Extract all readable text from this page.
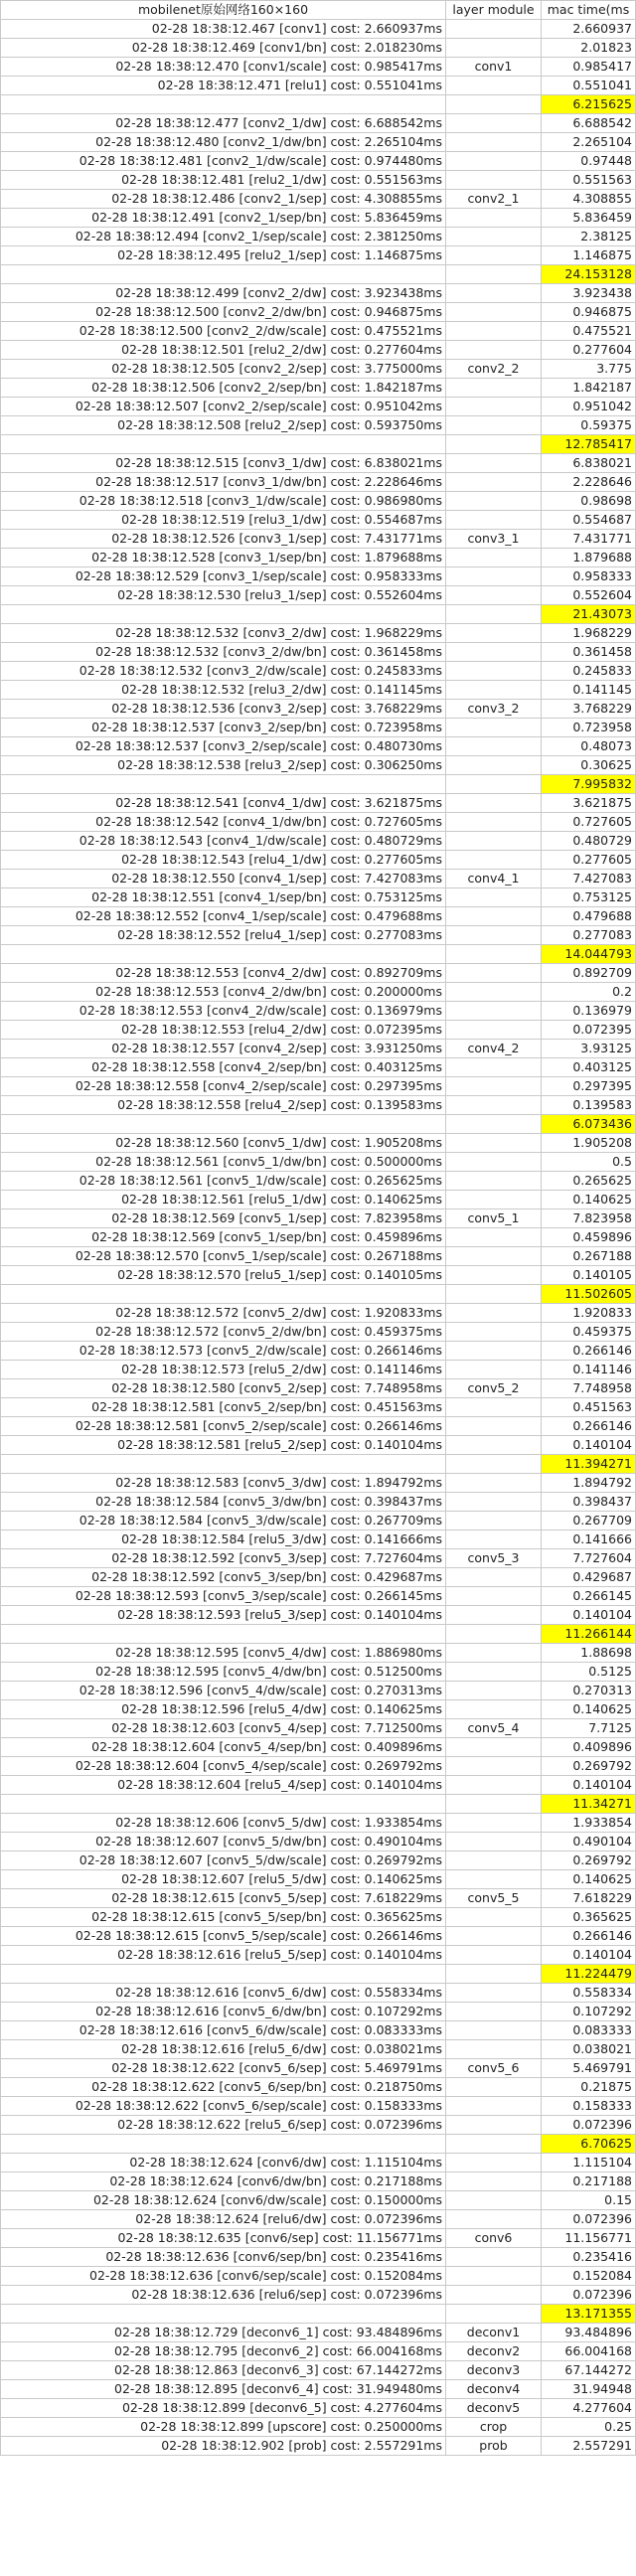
mobilenet原始网络160×160	layer module	mac time(ms
02-28 18:38:12.467 [conv1] cost: 2.660937ms		2.660937
02-28 18:38:12.469 [conv1/bn] cost: 2.018230ms		2.01823
02-28 18:38:12.470 [conv1/scale] cost: 0.985417ms	conv1	0.985417
02-28 18:38:12.471 [relu1] cost: 0.551041ms		0.551041
		6.215625
02-28 18:38:12.477 [conv2_1/dw] cost: 6.688542ms		6.688542
02-28 18:38:12.480 [conv2_1/dw/bn] cost: 2.265104ms		2.265104
02-28 18:38:12.481 [conv2_1/dw/scale] cost: 0.974480ms		0.97448
02-28 18:38:12.481 [relu2_1/dw] cost: 0.551563ms		0.551563
02-28 18:38:12.486 [conv2_1/sep] cost: 4.308855ms	conv2_1	4.308855
02-28 18:38:12.491 [conv2_1/sep/bn] cost: 5.836459ms		5.836459
02-28 18:38:12.494 [conv2_1/sep/scale] cost: 2.381250ms		2.38125
02-28 18:38:12.495 [relu2_1/sep] cost: 1.146875ms		1.146875
		24.153128
02-28 18:38:12.499 [conv2_2/dw] cost: 3.923438ms		3.923438
02-28 18:38:12.500 [conv2_2/dw/bn] cost: 0.946875ms		0.946875
02-28 18:38:12.500 [conv2_2/dw/scale] cost: 0.475521ms		0.475521
02-28 18:38:12.501 [relu2_2/dw] cost: 0.277604ms		0.277604
02-28 18:38:12.505 [conv2_2/sep] cost: 3.775000ms	conv2_2	3.775
02-28 18:38:12.506 [conv2_2/sep/bn] cost: 1.842187ms		1.842187
02-28 18:38:12.507 [conv2_2/sep/scale] cost: 0.951042ms		0.951042
02-28 18:38:12.508 [relu2_2/sep] cost: 0.593750ms		0.59375
		12.785417
02-28 18:38:12.515 [conv3_1/dw] cost: 6.838021ms		6.838021
02-28 18:38:12.517 [conv3_1/dw/bn] cost: 2.228646ms		2.228646
02-28 18:38:12.518 [conv3_1/dw/scale] cost: 0.986980ms		0.98698
02-28 18:38:12.519 [relu3_1/dw] cost: 0.554687ms		0.554687
02-28 18:38:12.526 [conv3_1/sep] cost: 7.431771ms	conv3_1	7.431771
02-28 18:38:12.528 [conv3_1/sep/bn] cost: 1.879688ms		1.879688
02-28 18:38:12.529 [conv3_1/sep/scale] cost: 0.958333ms		0.958333
02-28 18:38:12.530 [relu3_1/sep] cost: 0.552604ms		0.552604
		21.43073
02-28 18:38:12.532 [conv3_2/dw] cost: 1.968229ms		1.968229
02-28 18:38:12.532 [conv3_2/dw/bn] cost: 0.361458ms		0.361458
02-28 18:38:12.532 [conv3_2/dw/scale] cost: 0.245833ms		0.245833
02-28 18:38:12.532 [relu3_2/dw] cost: 0.141145ms		0.141145
02-28 18:38:12.536 [conv3_2/sep] cost: 3.768229ms	conv3_2	3.768229
02-28 18:38:12.537 [conv3_2/sep/bn] cost: 0.723958ms		0.723958
02-28 18:38:12.537 [conv3_2/sep/scale] cost: 0.480730ms		0.48073
02-28 18:38:12.538 [relu3_2/sep] cost: 0.306250ms		0.30625
		7.995832
02-28 18:38:12.541 [conv4_1/dw] cost: 3.621875ms		3.621875
02-28 18:38:12.542 [conv4_1/dw/bn] cost: 0.727605ms		0.727605
02-28 18:38:12.543 [conv4_1/dw/scale] cost: 0.480729ms		0.480729
02-28 18:38:12.543 [relu4_1/dw] cost: 0.277605ms		0.277605
02-28 18:38:12.550 [conv4_1/sep] cost: 7.427083ms	conv4_1	7.427083
02-28 18:38:12.551 [conv4_1/sep/bn] cost: 0.753125ms		0.753125
02-28 18:38:12.552 [conv4_1/sep/scale] cost: 0.479688ms		0.479688
02-28 18:38:12.552 [relu4_1/sep] cost: 0.277083ms		0.277083
		14.044793
02-28 18:38:12.553 [conv4_2/dw] cost: 0.892709ms		0.892709
02-28 18:38:12.553 [conv4_2/dw/bn] cost: 0.200000ms		0.2
02-28 18:38:12.553 [conv4_2/dw/scale] cost: 0.136979ms		0.136979
02-28 18:38:12.553 [relu4_2/dw] cost: 0.072395ms		0.072395
02-28 18:38:12.557 [conv4_2/sep] cost: 3.931250ms	conv4_2	3.93125
02-28 18:38:12.558 [conv4_2/sep/bn] cost: 0.403125ms		0.403125
02-28 18:38:12.558 [conv4_2/sep/scale] cost: 0.297395ms		0.297395
02-28 18:38:12.558 [relu4_2/sep] cost: 0.139583ms		0.139583
		6.073436
02-28 18:38:12.560 [conv5_1/dw] cost: 1.905208ms		1.905208
02-28 18:38:12.561 [conv5_1/dw/bn] cost: 0.500000ms		0.5
02-28 18:38:12.561 [conv5_1/dw/scale] cost: 0.265625ms		0.265625
02-28 18:38:12.561 [relu5_1/dw] cost: 0.140625ms		0.140625
02-28 18:38:12.569 [conv5_1/sep] cost: 7.823958ms	conv5_1	7.823958
02-28 18:38:12.569 [conv5_1/sep/bn] cost: 0.459896ms		0.459896
02-28 18:38:12.570 [conv5_1/sep/scale] cost: 0.267188ms		0.267188
02-28 18:38:12.570 [relu5_1/sep] cost: 0.140105ms		0.140105
		11.502605
02-28 18:38:12.572 [conv5_2/dw] cost: 1.920833ms		1.920833
02-28 18:38:12.572 [conv5_2/dw/bn] cost: 0.459375ms		0.459375
02-28 18:38:12.573 [conv5_2/dw/scale] cost: 0.266146ms		0.266146
02-28 18:38:12.573 [relu5_2/dw] cost: 0.141146ms		0.141146
02-28 18:38:12.580 [conv5_2/sep] cost: 7.748958ms	conv5_2	7.748958
02-28 18:38:12.581 [conv5_2/sep/bn] cost: 0.451563ms		0.451563
02-28 18:38:12.581 [conv5_2/sep/scale] cost: 0.266146ms		0.266146
02-28 18:38:12.581 [relu5_2/sep] cost: 0.140104ms		0.140104
		11.394271
02-28 18:38:12.583 [conv5_3/dw] cost: 1.894792ms		1.894792
02-28 18:38:12.584 [conv5_3/dw/bn] cost: 0.398437ms		0.398437
02-28 18:38:12.584 [conv5_3/dw/scale] cost: 0.267709ms		0.267709
02-28 18:38:12.584 [relu5_3/dw] cost: 0.141666ms		0.141666
02-28 18:38:12.592 [conv5_3/sep] cost: 7.727604ms	conv5_3	7.727604
02-28 18:38:12.592 [conv5_3/sep/bn] cost: 0.429687ms		0.429687
02-28 18:38:12.593 [conv5_3/sep/scale] cost: 0.266145ms		0.266145
02-28 18:38:12.593 [relu5_3/sep] cost: 0.140104ms		0.140104
		11.266144
02-28 18:38:12.595 [conv5_4/dw] cost: 1.886980ms		1.88698
02-28 18:38:12.595 [conv5_4/dw/bn] cost: 0.512500ms		0.5125
02-28 18:38:12.596 [conv5_4/dw/scale] cost: 0.270313ms		0.270313
02-28 18:38:12.596 [relu5_4/dw] cost: 0.140625ms		0.140625
02-28 18:38:12.603 [conv5_4/sep] cost: 7.712500ms	conv5_4	7.7125
02-28 18:38:12.604 [conv5_4/sep/bn] cost: 0.409896ms		0.409896
02-28 18:38:12.604 [conv5_4/sep/scale] cost: 0.269792ms		0.269792
02-28 18:38:12.604 [relu5_4/sep] cost: 0.140104ms		0.140104
		11.34271
02-28 18:38:12.606 [conv5_5/dw] cost: 1.933854ms		1.933854
02-28 18:38:12.607 [conv5_5/dw/bn] cost: 0.490104ms		0.490104
02-28 18:38:12.607 [conv5_5/dw/scale] cost: 0.269792ms		0.269792
02-28 18:38:12.607 [relu5_5/dw] cost: 0.140625ms		0.140625
02-28 18:38:12.615 [conv5_5/sep] cost: 7.618229ms	conv5_5	7.618229
02-28 18:38:12.615 [conv5_5/sep/bn] cost: 0.365625ms		0.365625
02-28 18:38:12.615 [conv5_5/sep/scale] cost: 0.266146ms		0.266146
02-28 18:38:12.616 [relu5_5/sep] cost: 0.140104ms		0.140104
		11.224479
02-28 18:38:12.616 [conv5_6/dw] cost: 0.558334ms		0.558334
02-28 18:38:12.616 [conv5_6/dw/bn] cost: 0.107292ms		0.107292
02-28 18:38:12.616 [conv5_6/dw/scale] cost: 0.083333ms		0.083333
02-28 18:38:12.616 [relu5_6/dw] cost: 0.038021ms		0.038021
02-28 18:38:12.622 [conv5_6/sep] cost: 5.469791ms	conv5_6	5.469791
02-28 18:38:12.622 [conv5_6/sep/bn] cost: 0.218750ms		0.21875
02-28 18:38:12.622 [conv5_6/sep/scale] cost: 0.158333ms		0.158333
02-28 18:38:12.622 [relu5_6/sep] cost: 0.072396ms		0.072396
		6.70625
02-28 18:38:12.624 [conv6/dw] cost: 1.115104ms		1.115104
02-28 18:38:12.624 [conv6/dw/bn] cost: 0.217188ms		0.217188
02-28 18:38:12.624 [conv6/dw/scale] cost: 0.150000ms		0.15
02-28 18:38:12.624 [relu6/dw] cost: 0.072396ms		0.072396
02-28 18:38:12.635 [conv6/sep] cost: 11.156771ms	conv6	11.156771
02-28 18:38:12.636 [conv6/sep/bn] cost: 0.235416ms		0.235416
02-28 18:38:12.636 [conv6/sep/scale] cost: 0.152084ms		0.152084
02-28 18:38:12.636 [relu6/sep] cost: 0.072396ms		0.072396
		13.171355
02-28 18:38:12.729 [deconv6_1] cost: 93.484896ms	deconv1	93.484896
02-28 18:38:12.795 [deconv6_2] cost: 66.004168ms	deconv2	66.004168
02-28 18:38:12.863 [deconv6_3] cost: 67.144272ms	deconv3	67.144272
02-28 18:38:12.895 [deconv6_4] cost: 31.949480ms	deconv4	31.94948
02-28 18:38:12.899 [deconv6_5] cost: 4.277604ms	deconv5	4.277604
02-28 18:38:12.899 [upscore] cost: 0.250000ms	crop	0.25
02-28 18:38:12.902 [prob] cost: 2.557291ms	prob	2.557291
